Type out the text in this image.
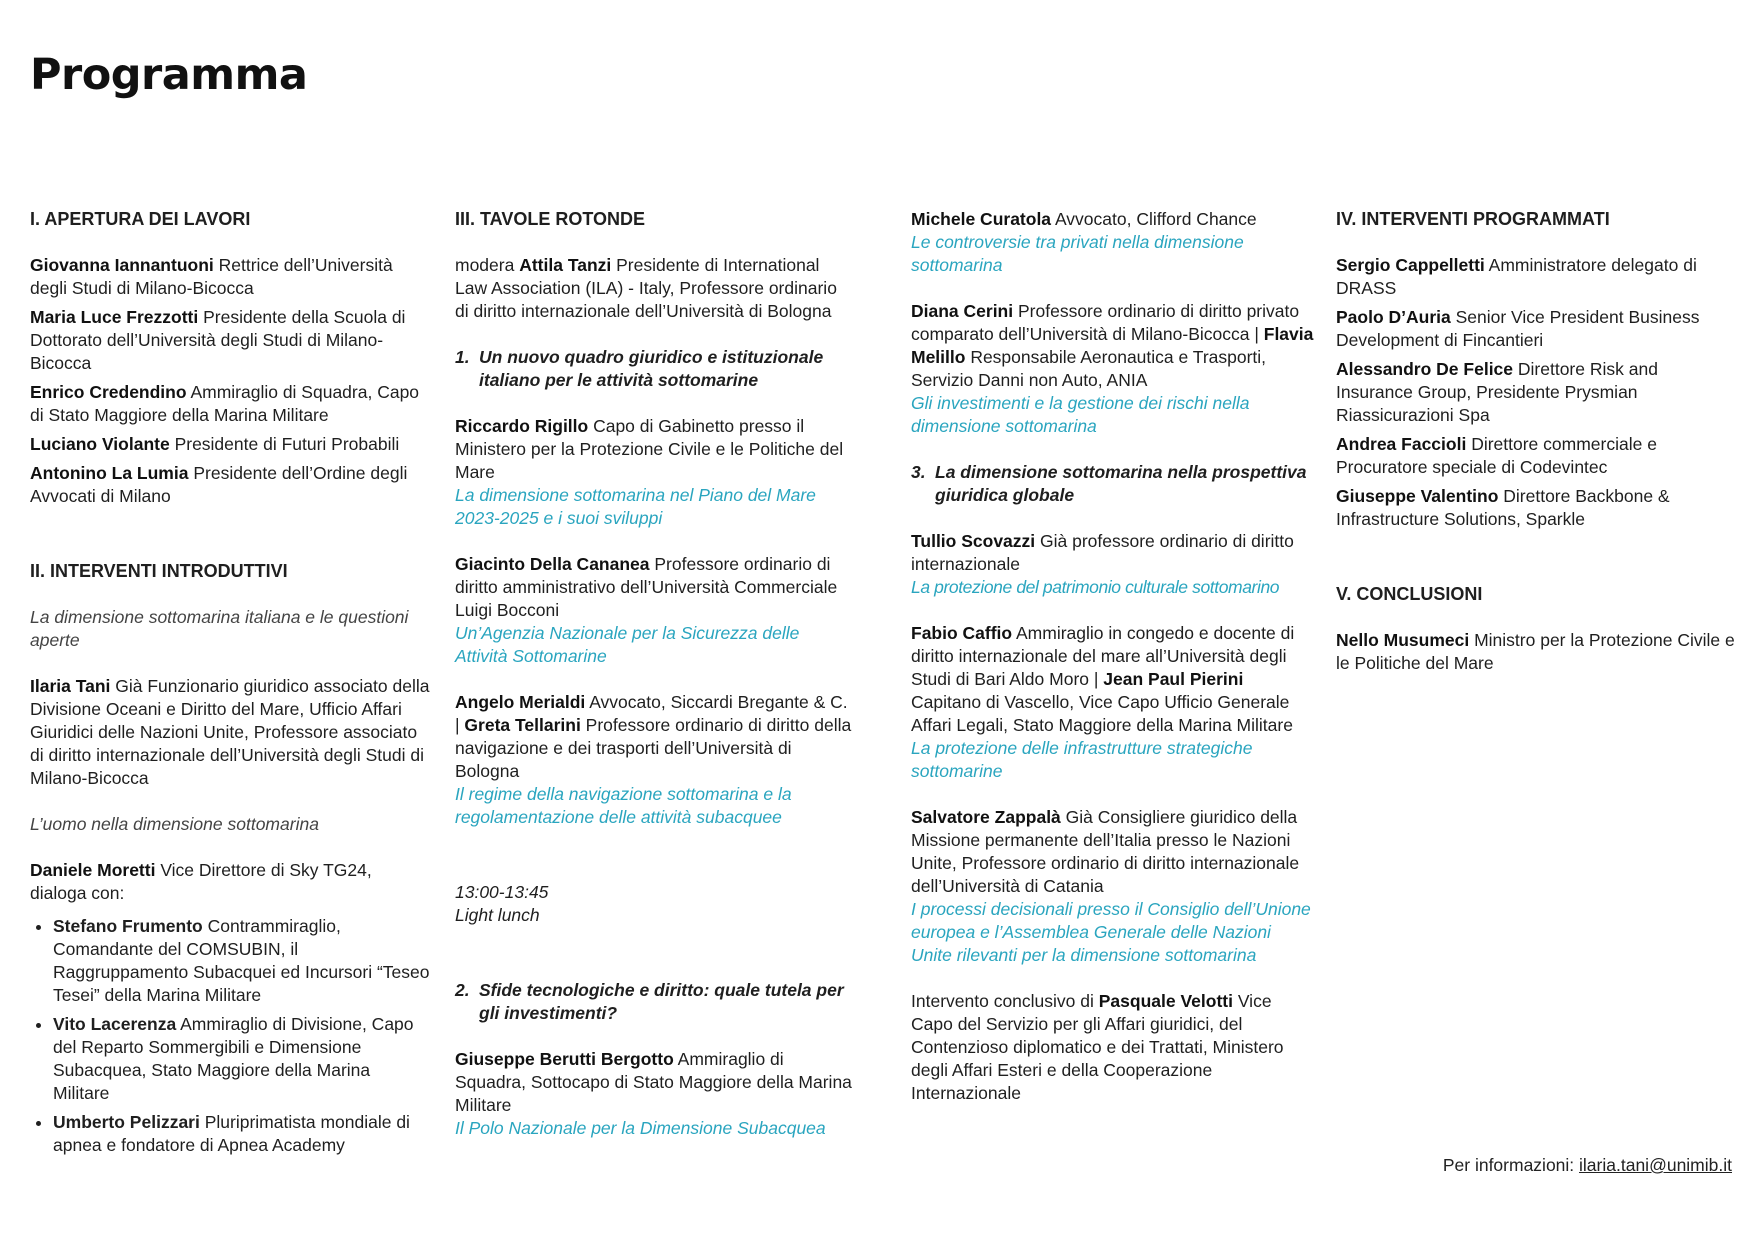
Programma
I. APERTURA DEI LAVORI
Giovanna Iannantuoni Rettrice dell’Università degli Studi di Milano-Bicocca
Maria Luce Frezzotti Presidente della Scuola di Dottorato dell’Università degli Studi di Milano-Bicocca
Enrico Credendino Ammiraglio di Squadra, Capo di Stato Maggiore della Marina Militare
Luciano Violante Presidente di Futuri Probabili
Antonino La Lumia Presidente dell’Ordine degli Avvocati di Milano
II. INTERVENTI INTRODUTTIVI
La dimensione sottomarina italiana e le questioni aperte
Ilaria Tani Già Funzionario giuridico associato della Divisione Oceani e Diritto del Mare, Ufficio Affari Giuridici delle Nazioni Unite, Professore associato di diritto internazionale dell’Università degli Studi di Milano-Bicocca
L’uomo nella dimensione sottomarina
Daniele Moretti Vice Direttore di Sky TG24, dialoga con:
• Stefano Frumento Contrammiraglio, Comandante del COMSUBIN, il Raggruppamento Subacquei ed Incursori “Teseo Tesei” della Marina Militare
• Vito Lacerenza Ammiraglio di Divisione, Capo del Reparto Sommergibili e Dimensione Subacquea, Stato Maggiore della Marina Militare
• Umberto Pelizzari Pluriprimatista mondiale di apnea e fondatore di Apnea Academy
III. TAVOLE ROTONDE
modera Attila Tanzi Presidente di International Law Association (ILA) - Italy, Professore ordinario di diritto internazionale dell’Università di Bologna
1. Un nuovo quadro giuridico e istituzionale italiano per le attività sottomarine
Riccardo Rigillo Capo di Gabinetto presso il Ministero per la Protezione Civile e le Politiche del Mare
La dimensione sottomarina nel Piano del Mare 2023-2025 e i suoi sviluppi
Giacinto Della Cananea Professore ordinario di diritto amministrativo dell’Università Commerciale Luigi Bocconi
Un’Agenzia Nazionale per la Sicurezza delle Attività Sottomarine
Angelo Merialdi Avvocato, Siccardi Bregante & C. | Greta Tellarini Professore ordinario di diritto della navigazione e dei trasporti dell’Università di Bologna
Il regime della navigazione sottomarina e la regolamentazione delle attività subacquee
13:00-13:45
Light lunch
2. Sfide tecnologiche e diritto: quale tutela per gli investimenti?
Giuseppe Berutti Bergotto Ammiraglio di Squadra, Sottocapo di Stato Maggiore della Marina Militare
Il Polo Nazionale per la Dimensione Subacquea
Michele Curatola Avvocato, Clifford Chance
Le controversie tra privati nella dimensione sottomarina
Diana Cerini Professore ordinario di diritto privato comparato dell’Università di Milano-Bicocca | Flavia Melillo Responsabile Aeronautica e Trasporti, Servizio Danni non Auto, ANIA
Gli investimenti e la gestione dei rischi nella dimensione sottomarina
3. La dimensione sottomarina nella prospettiva giuridica globale
Tullio Scovazzi Già professore ordinario di diritto internazionale
La protezione del patrimonio culturale sottomarino
Fabio Caffio Ammiraglio in congedo e docente di diritto internazionale del mare all’Università degli Studi di Bari Aldo Moro | Jean Paul Pierini Capitano di Vascello, Vice Capo Ufficio Generale Affari Legali, Stato Maggiore della Marina Militare
La protezione delle infrastrutture strategiche sottomarine
Salvatore Zappalà Già Consigliere giuridico della Missione permanente dell’Italia presso le Nazioni Unite, Professore ordinario di diritto internazionale dell’Università di Catania
I processi decisionali presso il Consiglio dell’Unione europea e l’Assemblea Generale delle Nazioni Unite rilevanti per la dimensione sottomarina
Intervento conclusivo di Pasquale Velotti Vice Capo del Servizio per gli Affari giuridici, del Contenzioso diplomatico e dei Trattati, Ministero degli Affari Esteri e della Cooperazione Internazionale
IV. INTERVENTI PROGRAMMATI
Sergio Cappelletti Amministratore delegato di DRASS
Paolo D’Auria Senior Vice President Business Development di Fincantieri
Alessandro De Felice Direttore Risk and Insurance Group, Presidente Prysmian Riassicurazioni Spa
Andrea Faccioli Direttore commerciale e Procuratore speciale di Codevintec
Giuseppe Valentino Direttore Backbone & Infrastructure Solutions, Sparkle
V. CONCLUSIONI
Nello Musumeci Ministro per la Protezione Civile e le Politiche del Mare
Per informazioni: ilaria.tani@unimib.it
